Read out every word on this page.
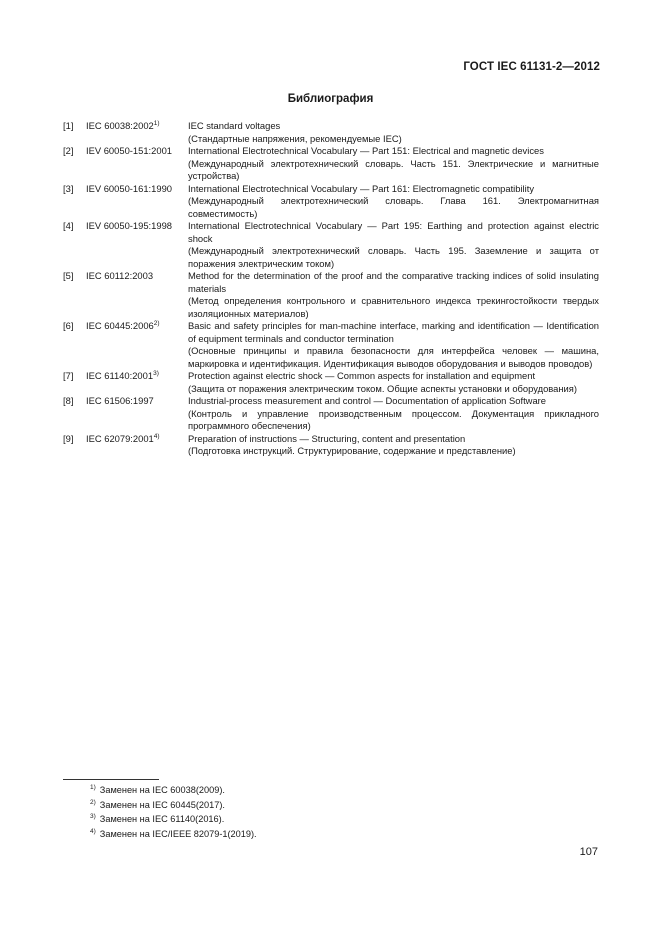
ГОСТ IEC 61131-2—2012
Библиография
[1]	IEC 60038:2002$^{1)}$	IEC standard voltages
(Стандартные напряжения, рекомендуемые IEC)
[2]	IEV 60050-151:2001	International Electrotechnical Vocabulary — Part 151: Electrical and magnetic devices
(Международный электротехнический словарь. Часть 151. Электрические и магнитные устройства)
[3]	IEV 60050-161:1990	International Electrotechnical Vocabulary — Part 161: Electromagnetic compatibility
(Международный электротехнический словарь. Глава 161. Электромагнитная совместимость)
[4]	IEV 60050-195:1998	International Electrotechnical Vocabulary — Part 195: Earthing and protection against electric shock
(Международный электротехнический словарь. Часть 195. Заземление и защита от поражения электрическим током)
[5]	IEC 60112:2003	Method for the determination of the proof and the comparative tracking indices of solid insulating materials
(Метод определения контрольного и сравнительного индекса трекингостойкости твердых изоляционных материалов)
[6]	IEC 60445:2006$^{2)}$	Basic and safety principles for man-machine interface, marking and identification — Identification of equipment terminals and conductor termination
(Основные принципы и правила безопасности для интерфейса человек — машина, маркировка и идентификация. Идентификация выводов оборудования и выводов проводов)
[7]	IEC 61140:2001$^{3)}$	Protection against electric shock — Common aspects for installation and equipment
(Защита от поражения электрическим током. Общие аспекты установки и оборудования)
[8]	IEC 61506:1997	Industrial-process measurement and control — Documentation of application Software
(Контроль и управление производственным процессом. Документация прикладного программного обеспечения)
[9]	IEC 62079:2001$^{4)}$	Preparation of instructions — Structuring, content and presentation
(Подготовка инструкций. Структурирование, содержание и представление)
$^{1)}$ Заменен на IEC 60038(2009).
$^{2)}$ Заменен на IEC 60445(2017).
$^{3)}$ Заменен на IEC 61140(2016).
$^{4)}$ Заменен на IEC/IEEE 82079-1(2019).
107
